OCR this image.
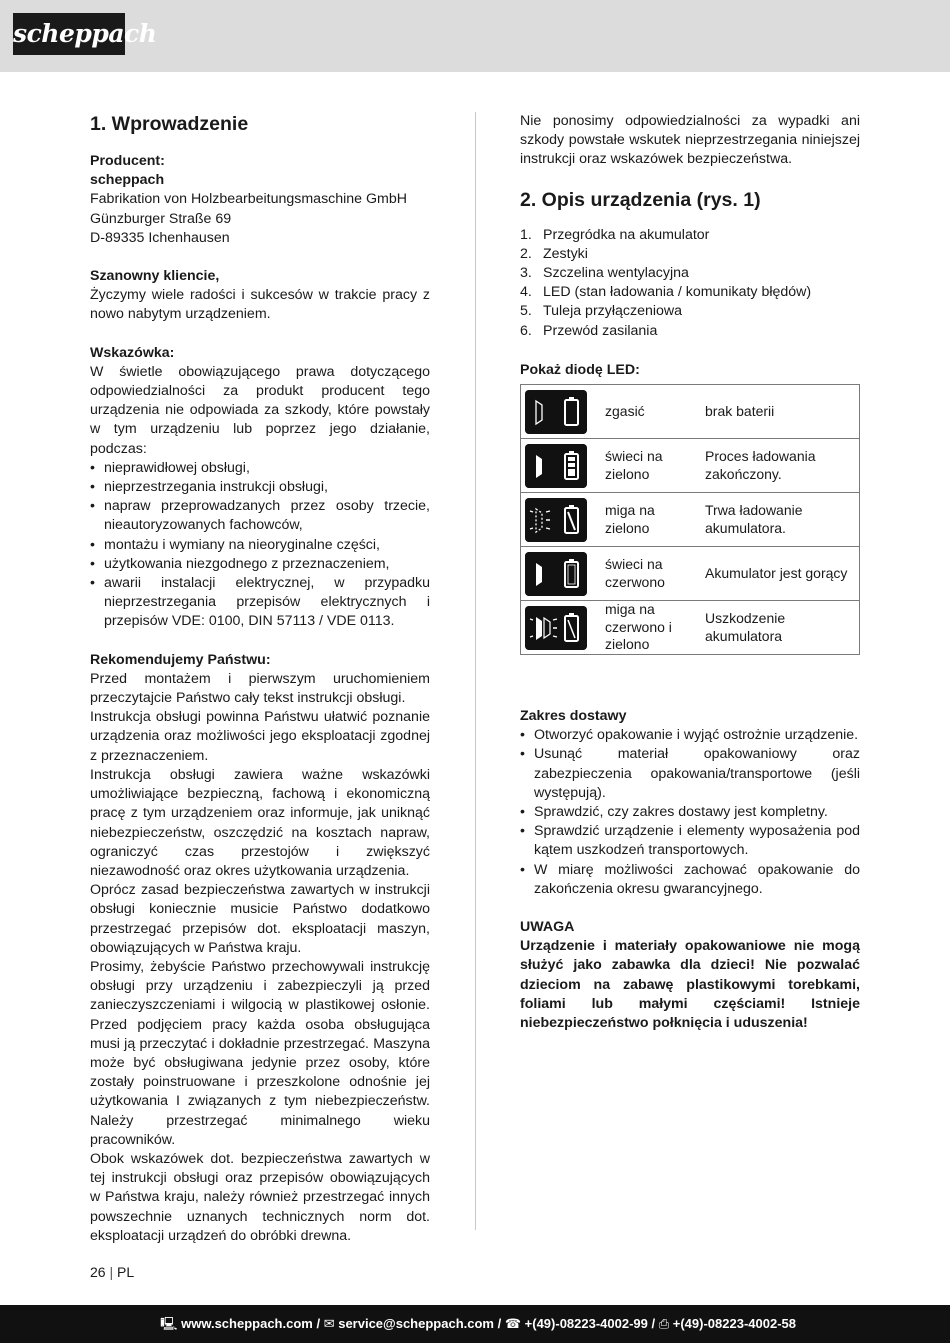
scheppach
1. Wprowadzenie

Producent:

scheppach

Fabrikation von Holzbearbeitungsmaschine GmbH

Günzburger Straße 69

D-89335 Ichenhausen

Szanowny kliencie,

Życzymy wiele radości i sukcesów w trakcie pracy z nowo nabytym urządzeniem.

Wskazówka:

W świetle obowiązującego prawa dotyczącego odpowiedzialności za produkt producent tego urządzenia nie odpowiada za szkody, które powstały w tym urządzeniu lub poprzez jego działanie, podczas:

• nieprawidłowej obsługi,
• nieprzestrzegania instrukcji obsługi,
• napraw przeprowadzanych przez osoby trzecie, nieautoryzowanych fachowców,
• montażu i wymiany na nieoryginalne części,
• użytkowania niezgodnego z przeznaczeniem,
• awarii instalacji elektrycznej, w przypadku nieprzestrzegania przepisów elektrycznych i przepisów VDE: 0100, DIN 57113 / VDE 0113.

Rekomendujemy Państwu:

Przed montażem i pierwszym uruchomieniem przeczytajcie Państwo cały tekst instrukcji obsługi.

Instrukcja obsługi powinna Państwu ułatwić poznanie urządzenia oraz możliwości jego eksploatacji zgodnej z przeznaczeniem.

Instrukcja obsługi zawiera ważne wskazówki umożliwiające bezpieczną, fachową i ekonomiczną pracę z tym urządzeniem oraz informuje, jak uniknąć niebezpieczeństw, oszczędzić na kosztach napraw, ograniczyć czas przestojów i zwiększyć niezawodność oraz okres użytkowania urządzenia.

Oprócz zasad bezpieczeństwa zawartych w instrukcji obsługi koniecznie musicie Państwo dodatkowo przestrzegać przepisów dot. eksploatacji maszyn, obowiązujących w Państwa kraju.

Prosimy, żebyście Państwo przechowywali instrukcję obsługi przy urządzeniu i zabezpieczyli ją przed zanieczyszczeniami i wilgocią w plastikowej osłonie. Przed podjęciem pracy każda osoba obsługująca musi ją przeczytać i dokładnie przestrzegać. Maszyna może być obsługiwana jedynie przez osoby, które zostały poinstruowane i przeszkolone odnośnie jej użytkowania I związanych z tym niebezpieczeństw. Należy przestrzegać minimalnego wieku pracowników.

Obok wskazówek dot. bezpieczeństwa zawartych w tej instrukcji obsługi oraz przepisów obowiązujących w Państwa kraju, należy również przestrzegać innych powszechnie uznanych technicznych norm dot. eksploatacji urządzeń do obróbki drewna.

Nie ponosimy odpowiedzialności za wypadki ani szkody powstałe wskutek nieprzestrzegania niniejszej instrukcji oraz wskazówek bezpieczeństwa.

2. Opis urządzenia (rys. 1)
1. Przegródka na akumulator
2. Zestyki
3. Szczelina wentylacyjna
4. LED (stan ładowania / komunikaty błędów)
5. Tuleja przyłączeniowa
6. Przewód zasilania

Pokaż diodę LED:

	zgasić	brak baterii

	świeci na zielono	Proces ładowania zakończony.

	miga na zielono	Trwa ładowanie akumulatora.

	świeci na czerwono	Akumulator jest gorący

	miga na czerwono i zielono	Uszkodzenie akumulatora

Zakres dostawy

• Otworzyć opakowanie i wyjąć ostrożnie urządzenie.
• Usunąć materiał opakowaniowy oraz zabezpieczenia opakowania/transportowe (jeśli występują).
• Sprawdzić, czy zakres dostawy jest kompletny.
• Sprawdzić urządzenie i elementy wyposażenia pod kątem uszkodzeń transportowych.
• W miarę możliwości zachować opakowanie do zakończenia okresu gwarancyjnego.

UWAGA

Urządzenie i materiały opakowaniowe nie mogą służyć jako zabawka dla dzieci! Nie pozwalać dzieciom na zabawę plastikowymi torebkami, foliami lub małymi częściami! Istnieje niebezpieczeństwo połknięcia i uduszenia!

26 | PL
🖳 www.scheppach.com / ✉ service@scheppach.com / ☎ +(49)-08223-4002-99 / ⎙ +(49)-08223-4002-58
